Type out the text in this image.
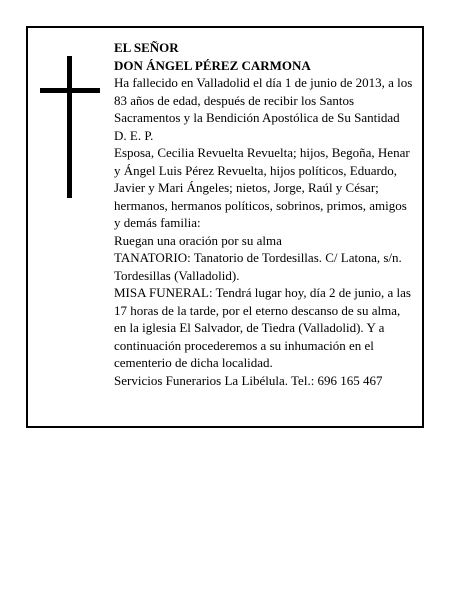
EL SEÑOR

DON ÁNGEL PÉREZ CARMONA

Ha fallecido en Valladolid el día 1 de junio de 2013, a los 83 años de edad, después de recibir los Santos Sacramentos y la Bendición Apostólica de Su Santidad D. E. P.

Esposa, Cecilia Revuelta Revuelta; hijos, Begoña, Henar y Ángel Luis Pérez Revuelta, hijos políticos, Eduardo, Javier y Mari Ángeles; nietos, Jorge, Raúl y César; hermanos, hermanos políticos, sobrinos, primos, amigos y demás familia:

Ruegan una oración por su alma

TANATORIO: Tanatorio de Tordesillas. C/ Latona, s/n. Tordesillas (Valladolid).

MISA FUNERAL: Tendrá lugar hoy, día 2 de junio, a las 17 horas de la tarde, por el eterno descanso de su alma, en la iglesia El Salvador, de Tiedra (Valladolid). Y a continuación procederemos a su inhumación en el cementerio de dicha localidad.

Servicios Funerarios La Libélula. Tel.: 696 165 467
